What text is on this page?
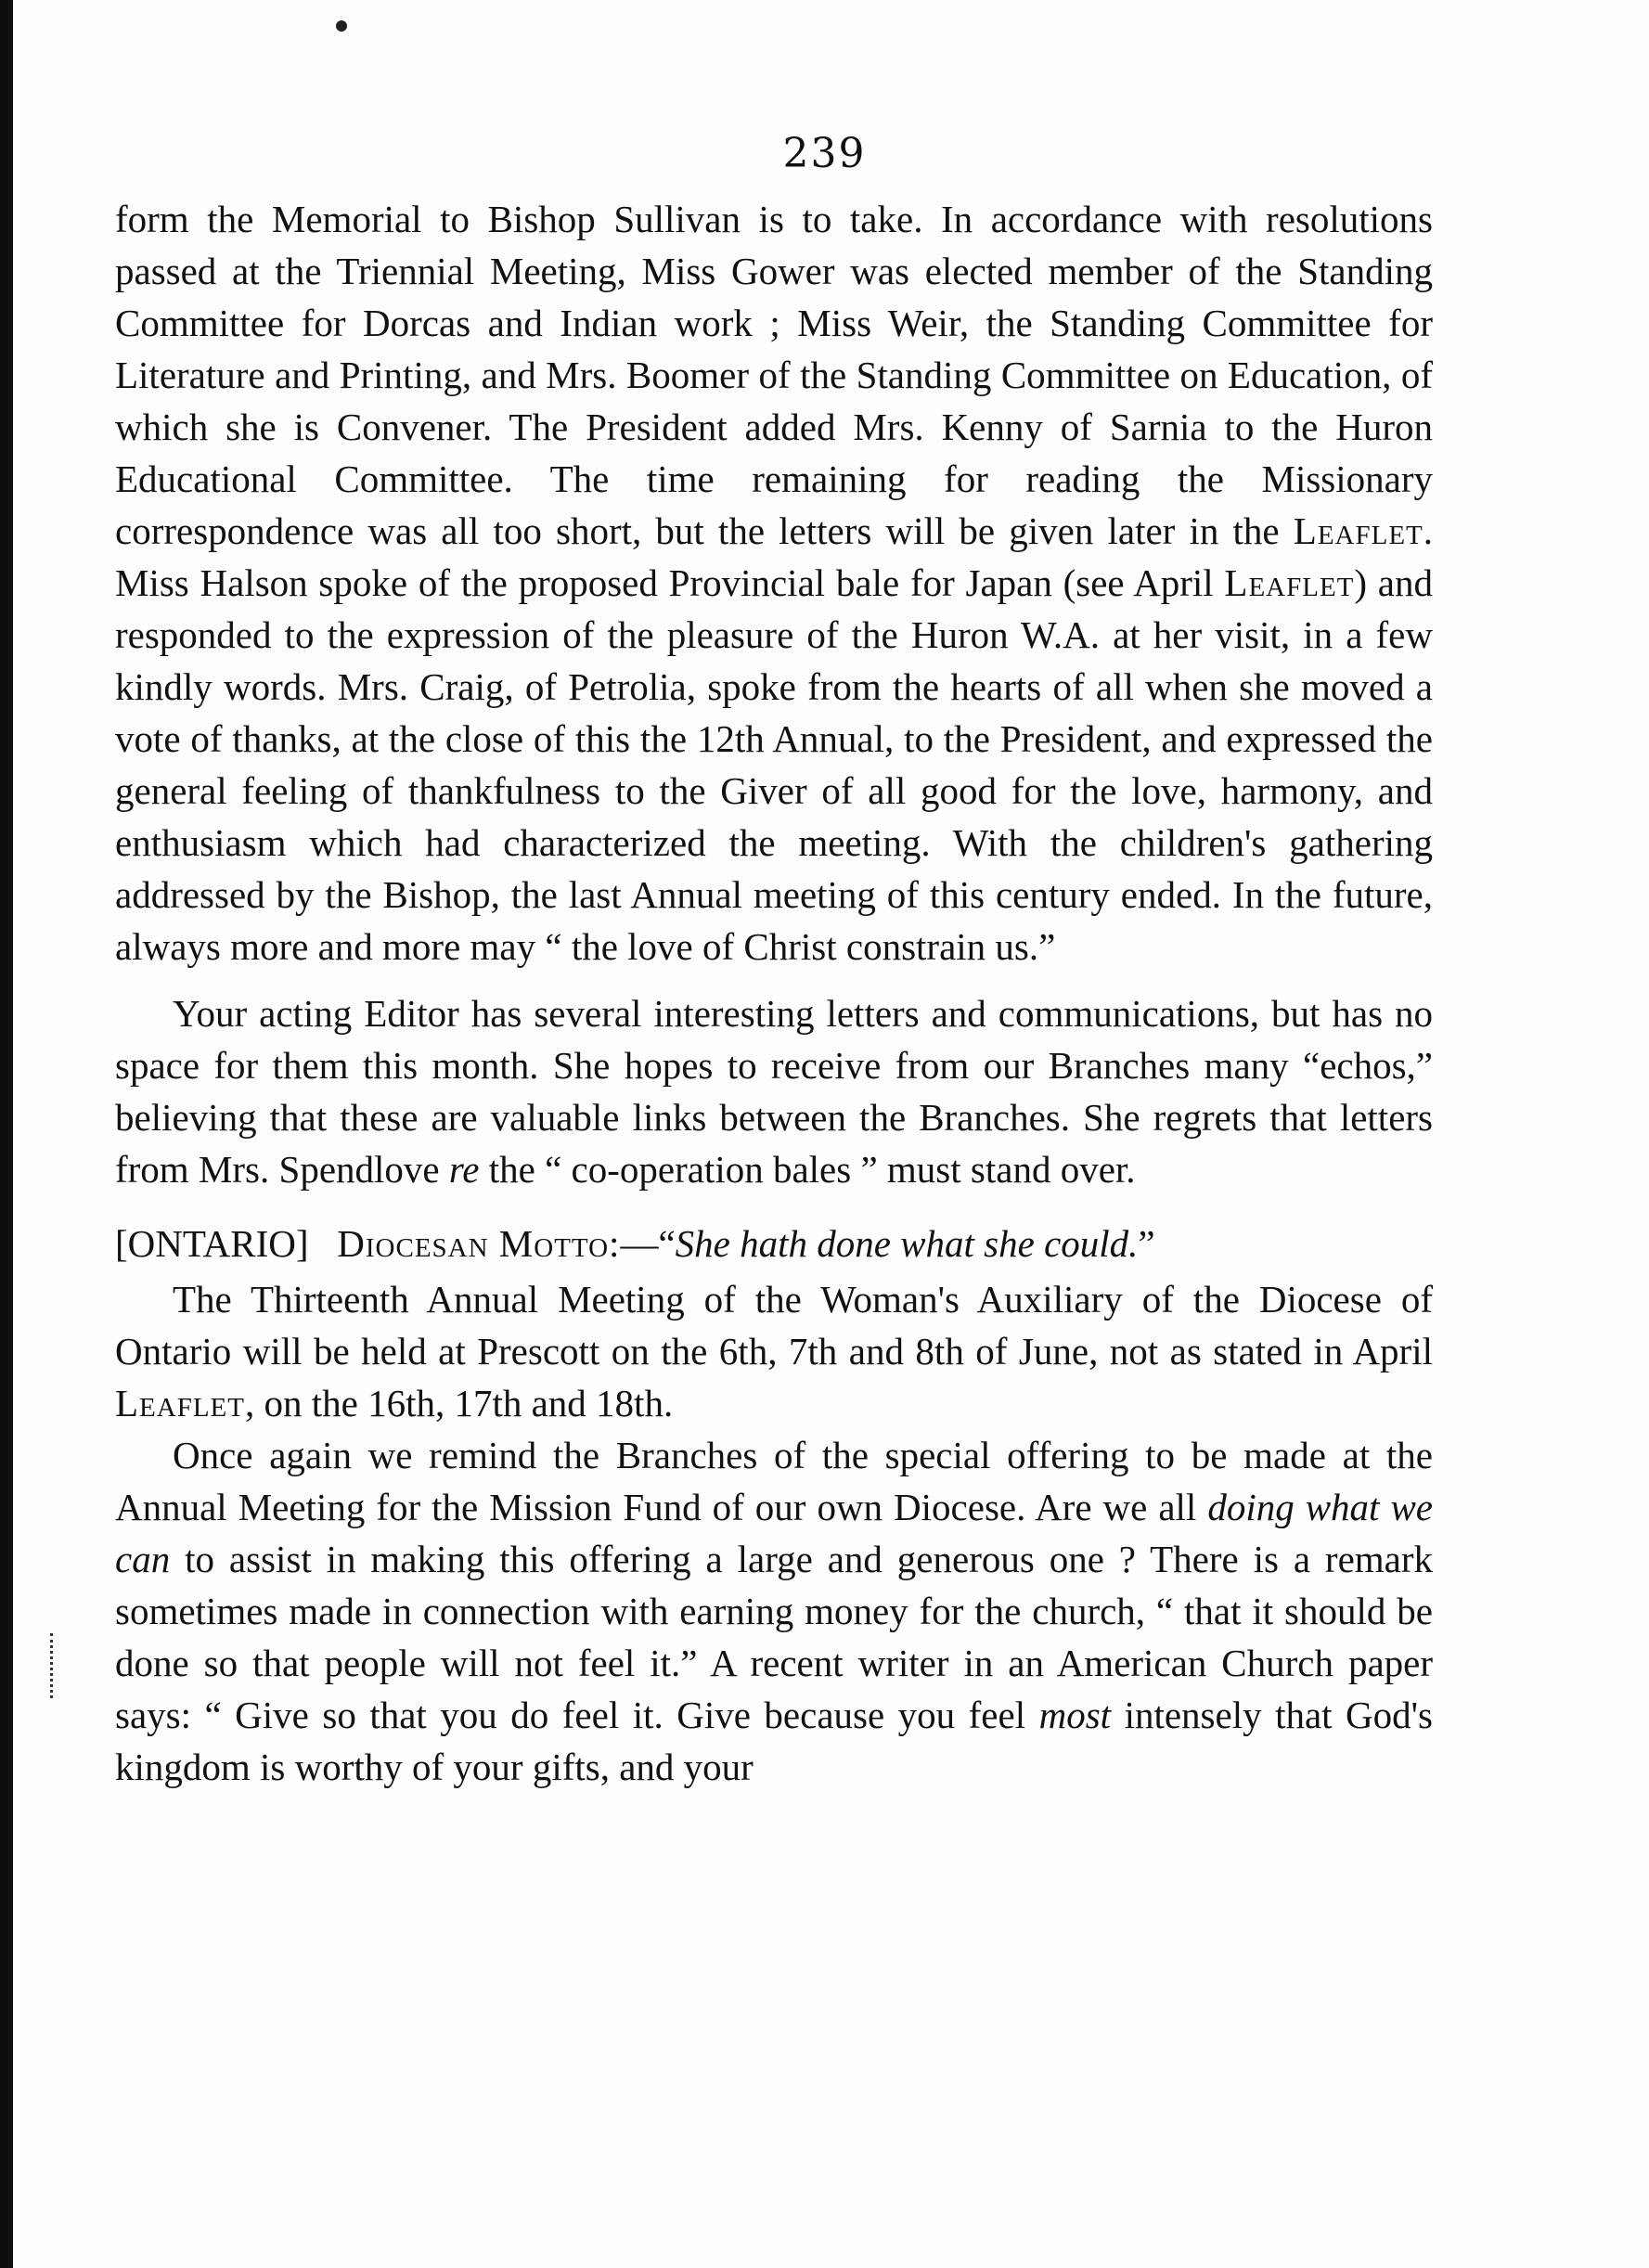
239

form the Memorial to Bishop Sullivan is to take. In accordance with resolutions passed at the Triennial Meeting, Miss Gower was elected member of the Standing Committee for Dorcas and Indian work ; Miss Weir, the Standing Committee for Literature and Printing, and Mrs. Boomer of the Standing Committee on Education, of which she is Convener. The President added Mrs. Kenny of Sarnia to the Huron Educational Committee. The time remaining for reading the Missionary correspondence was all too short, but the letters will be given later in the Leaflet. Miss Halson spoke of the proposed Provincial bale for Japan (see April Leaflet) and responded to the expression of the pleasure of the Huron W.A. at her visit, in a few kindly words. Mrs. Craig, of Petrolia, spoke from the hearts of all when she moved a vote of thanks, at the close of this the 12th Annual, to the President, and expressed the general feeling of thankfulness to the Giver of all good for the love, harmony, and enthusiasm which had characterized the meeting. With the children's gathering addressed by the Bishop, the last Annual meeting of this century ended. In the future, always more and more may “ the love of Christ constrain us.”

Your acting Editor has several interesting letters and communications, but has no space for them this month. She hopes to receive from our Branches many “echos,” believing that these are valuable links between the Branches. She regrets that letters from Mrs. Spendlove re the “ co-operation bales ” must stand over.

[ONTARIO] Diocesan Motto:—“She hath done what she could.”

The Thirteenth Annual Meeting of the Woman's Auxiliary of the Diocese of Ontario will be held at Prescott on the 6th, 7th and 8th of June, not as stated in April Leaflet, on the 16th, 17th and 18th.

Once again we remind the Branches of the special offering to be made at the Annual Meeting for the Mission Fund of our own Diocese. Are we all doing what we can to assist in making this offering a large and generous one ? There is a remark sometimes made in connection with earning money for the church, “ that it should be done so that people will not feel it.” A recent writer in an American Church paper says: “ Give so that you do feel it. Give because you feel most intensely that God's kingdom is worthy of your gifts, and your
